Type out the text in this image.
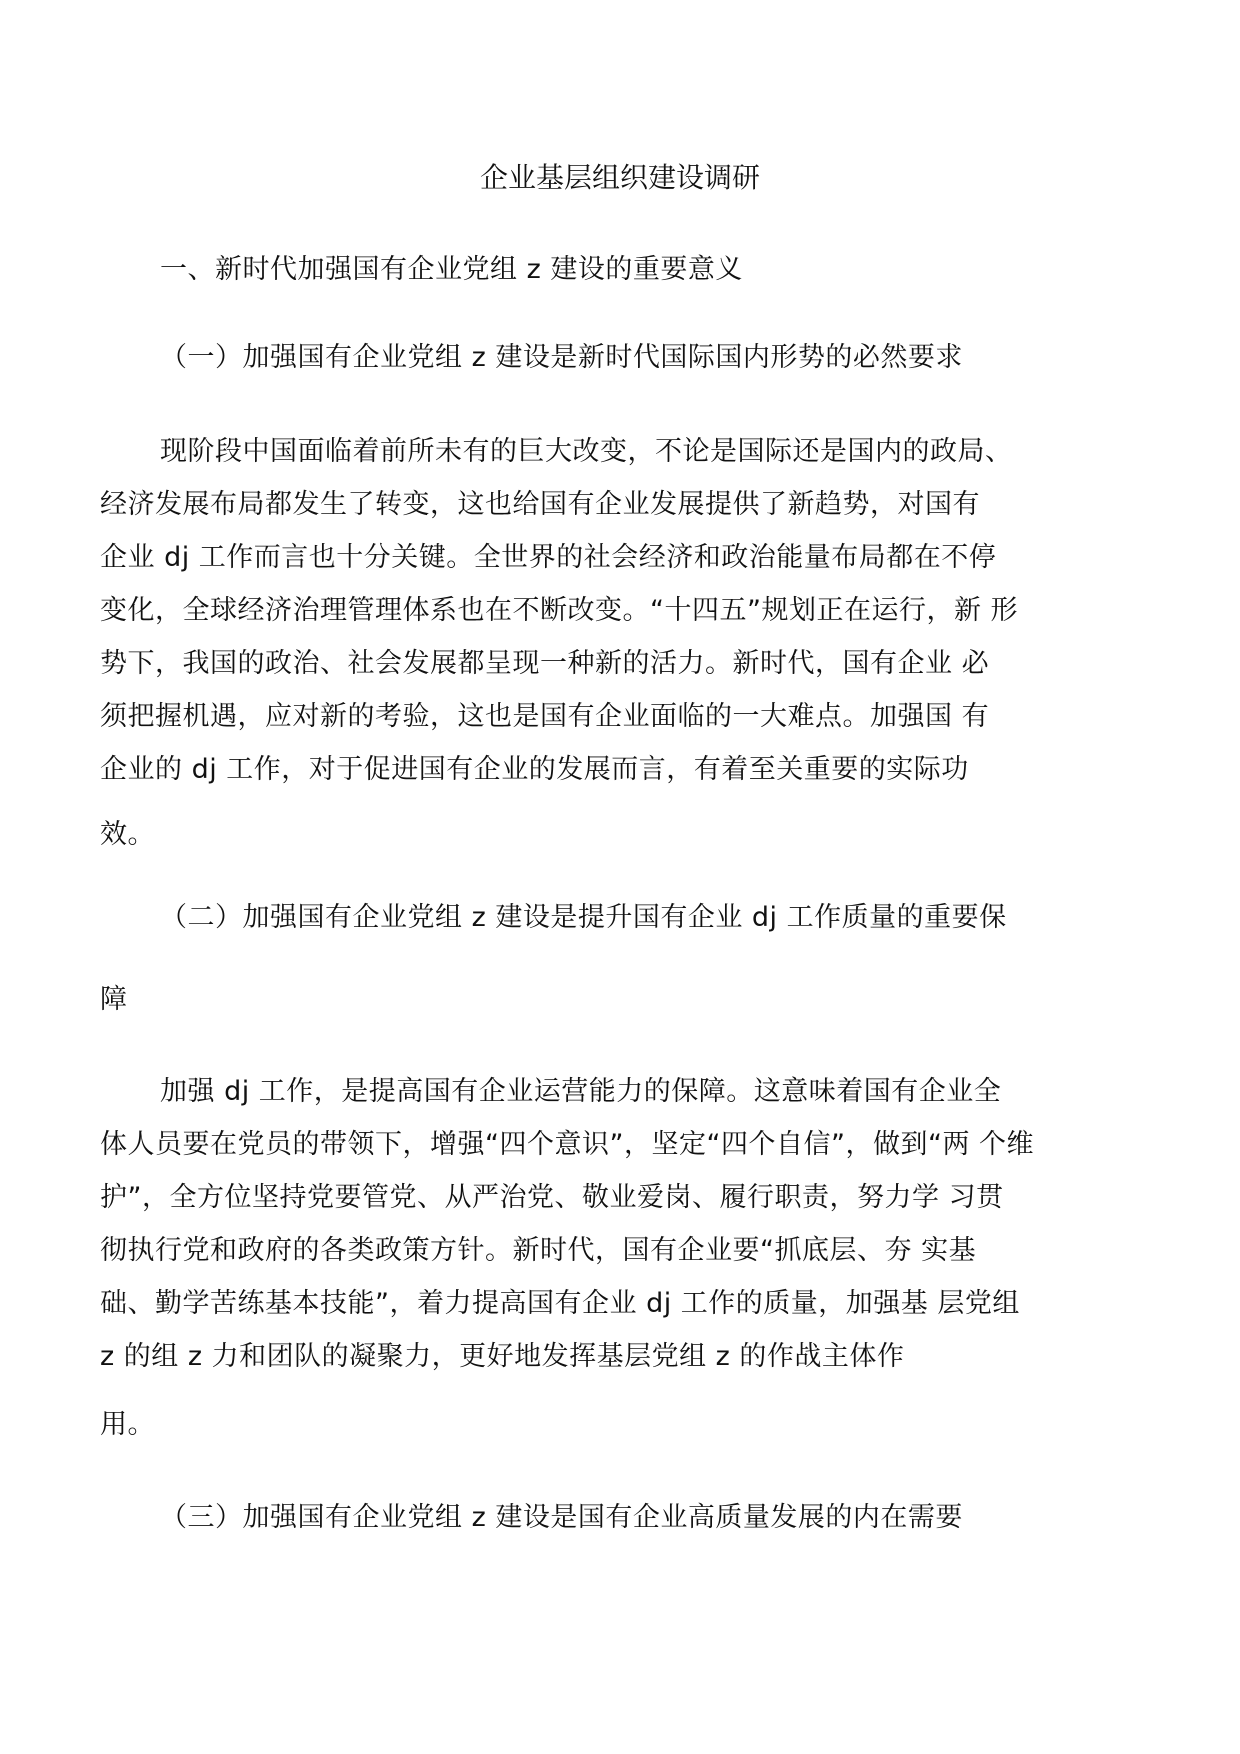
企业基层组织建设调研
一、新时代加强国有企业党组 z 建设的重要意义
（一）加强国有企业党组 z 建设是新时代国际国内形势的必然要求
现阶段中国面临着前所未有的巨大改变，不论是国际还是国内的政局、
经济发展布局都发生了转变，这也给国有企业发展提供了新趋势，对国有
企业 dj 工作而言也十分关键。全世界的社会经济和政治能量布局都在不停
变化，全球经济治理管理体系也在不断改变。“十四五”规划正在运行，新 形
势下，我国的政治、社会发展都呈现一种新的活力。新时代，国有企业 必
须把握机遇，应对新的考验，这也是国有企业面临的一大难点。加强国 有
企业的 dj 工作，对于促进国有企业的发展而言，有着至关重要的实际功
效。
（二）加强国有企业党组 z 建设是提升国有企业 dj 工作质量的重要保
障
加强 dj 工作，是提高国有企业运营能力的保障。这意味着国有企业全
体人员要在党员的带领下，增强“四个意识”，坚定“四个自信”，做到“两 个维
护”，全方位坚持党要管党、从严治党、敬业爱岗、履行职责，努力学 习贯
彻执行党和政府的各类政策方针。新时代，国有企业要“抓底层、夯 实基
础、勤学苦练基本技能”，着力提高国有企业 dj 工作的质量，加强基 层党组
z 的组 z 力和团队的凝聚力，更好地发挥基层党组 z 的作战主体作
用。
（三）加强国有企业党组 z 建设是国有企业高质量发展的内在需要
